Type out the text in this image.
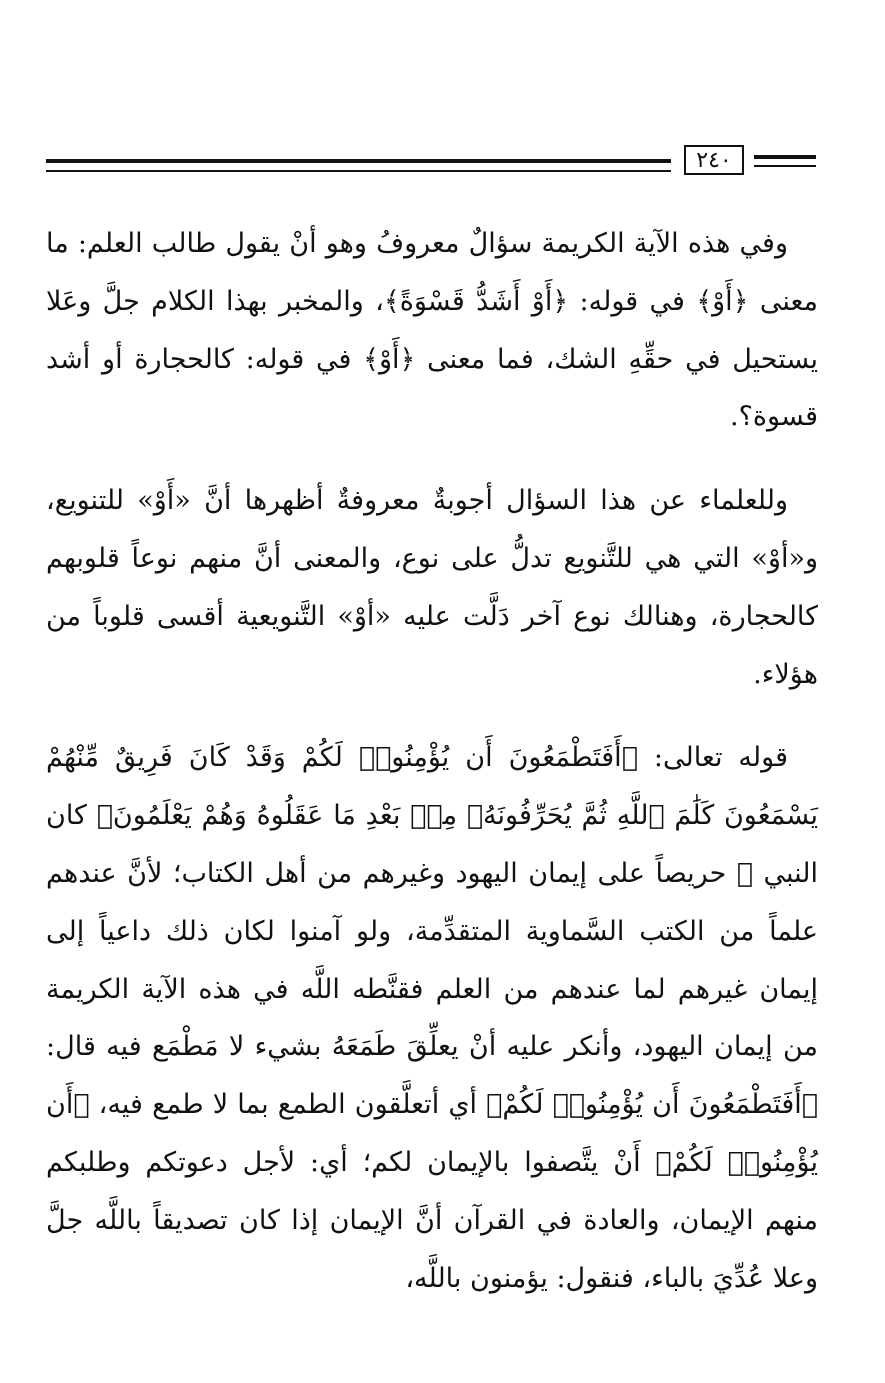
٢٤٠

وفي هذه الآية الكريمة سؤالٌ معروفُ وهو أنْ يقول طالب العلم: ما معنى ﴿أَوْ﴾ في قوله: ﴿أَوْ أَشَدُّ قَسْوَةً﴾، والمخبر بهذا الكلام جلَّ وعَلا يستحيل في حقِّهِ الشك، فما معنى ﴿أَوْ﴾ في قوله: كالحجارة أو أشد قسوة؟.

وللعلماء عن هذا السؤال أجوبةٌ معروفةٌ أظهرها أنَّ «أَوْ» للتنويع، و«أوْ» التي هي للتَّنويع تدلُّ على نوع، والمعنى أنَّ منهم نوعاً قلوبهم كالحجارة، وهنالك نوع آخر دَلَّت عليه «أوْ» التَّنويعية أقسى قلوباً من هؤلاء.

قوله تعالى: ﴿أَفَتَطْمَعُونَ أَن يُؤْمِنُوا۟ لَكُمْ وَقَدْ كَانَ فَرِيقٌ مِّنْهُمْ يَسْمَعُونَ كَلَٰمَ ٱللَّهِ ثُمَّ يُحَرِّفُونَهُۥ مِنۢ بَعْدِ مَا عَقَلُوهُ وَهُمْ يَعْلَمُونَ﴾ كان النبي ﷺ حريصاً على إيمان اليهود وغيرهم من أهل الكتاب؛ لأنَّ عندهم علماً من الكتب السَّماوية المتقدِّمة، ولو آمنوا لكان ذلك داعياً إلى إيمان غيرهم لما عندهم من العلم فقنَّطه اللَّه في هذه الآية الكريمة من إيمان اليهود، وأنكر عليه أنْ يعلِّقَ طَمَعَهُ بشيء لا مَطْمَع فيه قال: ﴿أَفَتَطْمَعُونَ أَن يُؤْمِنُوا۟ لَكُمْ﴾ أي أتعلَّقون الطمع بما لا طمع فيه، ﴿أَن يُؤْمِنُوا۟ لَكُمْ﴾ أَنْ يتَّصفوا بالإيمان لكم؛ أي: لأجل دعوتكم وطلبكم منهم الإيمان، والعادة في القرآن أنَّ الإيمان إذا كان تصديقاً باللَّه جلَّ وعلا عُدِّيَ بالباء، فنقول: يؤمنون باللَّه،
